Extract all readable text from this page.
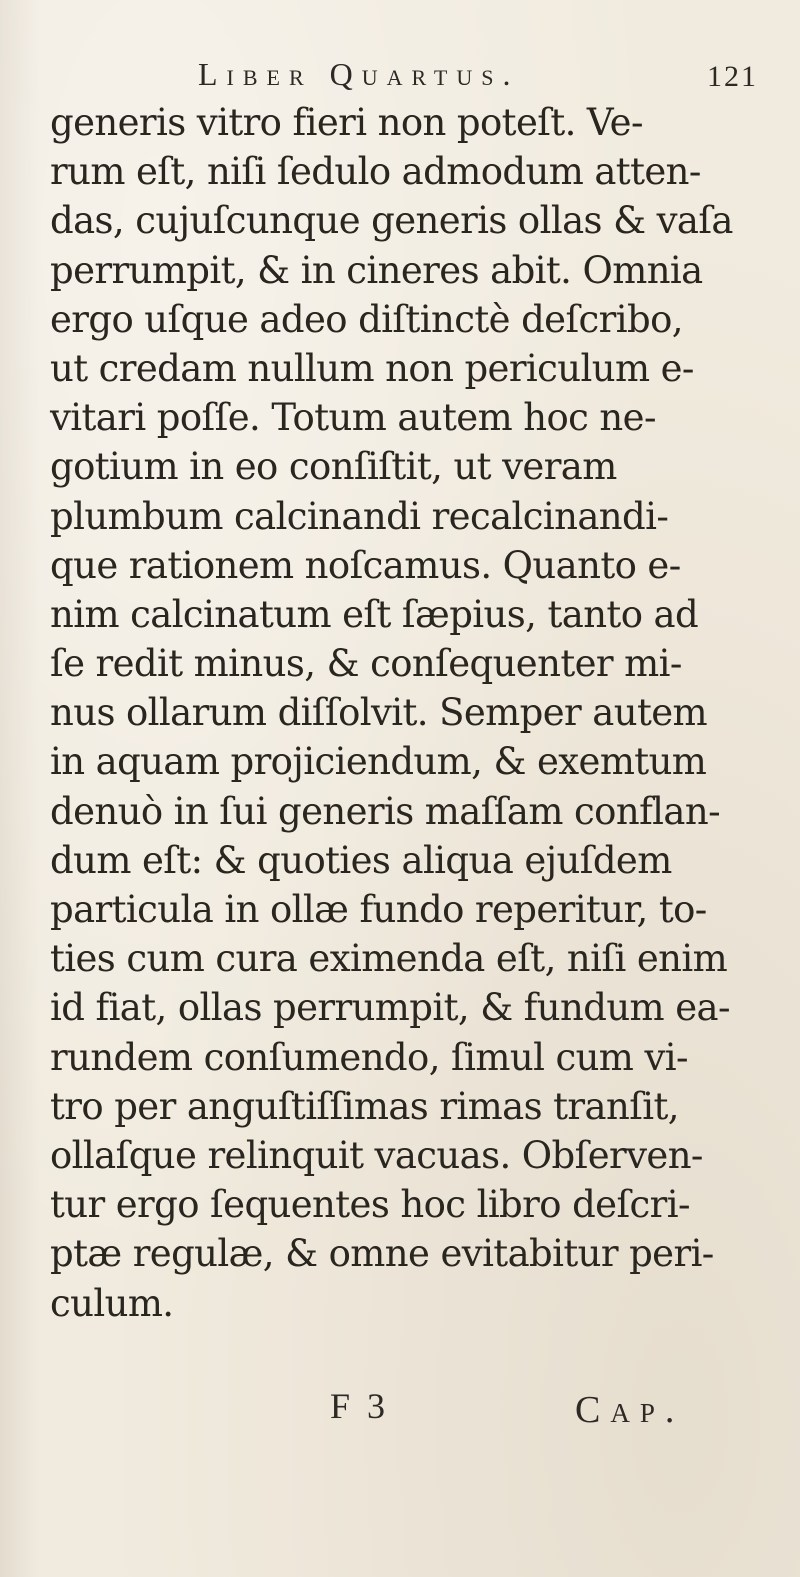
Liber Quartus.	121
generis vitro fieri non poteſt. Ve-
rum eſt, niſi ſedulo admodum atten-
das, cujuſcunque generis ollas & vaſa
perrumpit, & in cineres abit. Omnia
ergo uſque adeo diſtinctè deſcribo,
ut credam nullum non periculum e-
vitari poſſe. Totum autem hoc ne-
gotium in eo conſiſtit, ut veram
plumbum calcinandi recalcinandi-
que rationem noſcamus. Quanto e-
nim calcinatum eſt ſæpius, tanto ad
ſe redit minus, & conſequenter mi-
nus ollarum diſſolvit. Semper autem
in aquam projiciendum, & exemtum
denuò in ſui generis maſſam conflan-
dum eſt: & quoties aliqua ejuſdem
particula in ollæ fundo reperitur, to-
ties cum cura eximenda eſt, niſi enim
id fiat, ollas perrumpit, & fundum ea-
rundem conſumendo, ſimul cum vi-
tro per anguſtiſſimas rimas tranſit,
ollaſque relinquit vacuas. Obſerven-
tur ergo ſequentes hoc libro deſcri-
ptæ regulæ, & omne evitabitur peri-
culum.
F 3	Cap.
